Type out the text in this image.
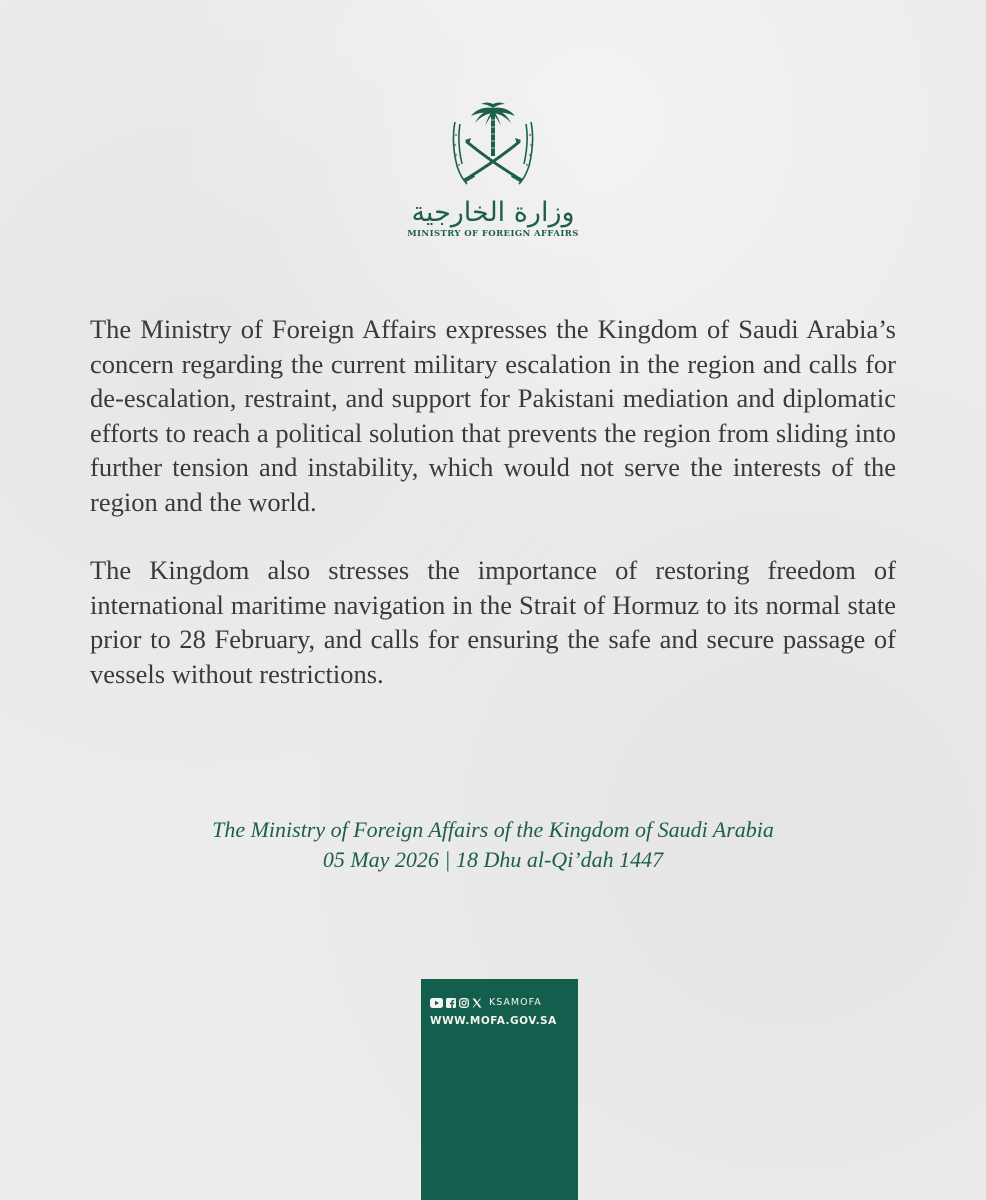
وزارة الخارجية
MINISTRY OF FOREIGN AFFAIRS

The Ministry of Foreign Affairs expresses the Kingdom of Saudi Arabia’s concern regarding the current military escalation in the region and calls for de-escalation, restraint, and support for Pakistani mediation and diplomatic efforts to reach a political solution that prevents the region from sliding into further tension and instability, which would not serve the interests of the region and the world.

The Kingdom also stresses the importance of restoring freedom of international maritime navigation in the Strait of Hormuz to its normal state prior to 28 February, and calls for ensuring the safe and secure passage of vessels without restrictions.

The Ministry of Foreign Affairs of the Kingdom of Saudi Arabia
05 May 2026 | 18 Dhu al-Qi’dah 1447
KSAMOFA
WWW.MOFA.GOV.SA
